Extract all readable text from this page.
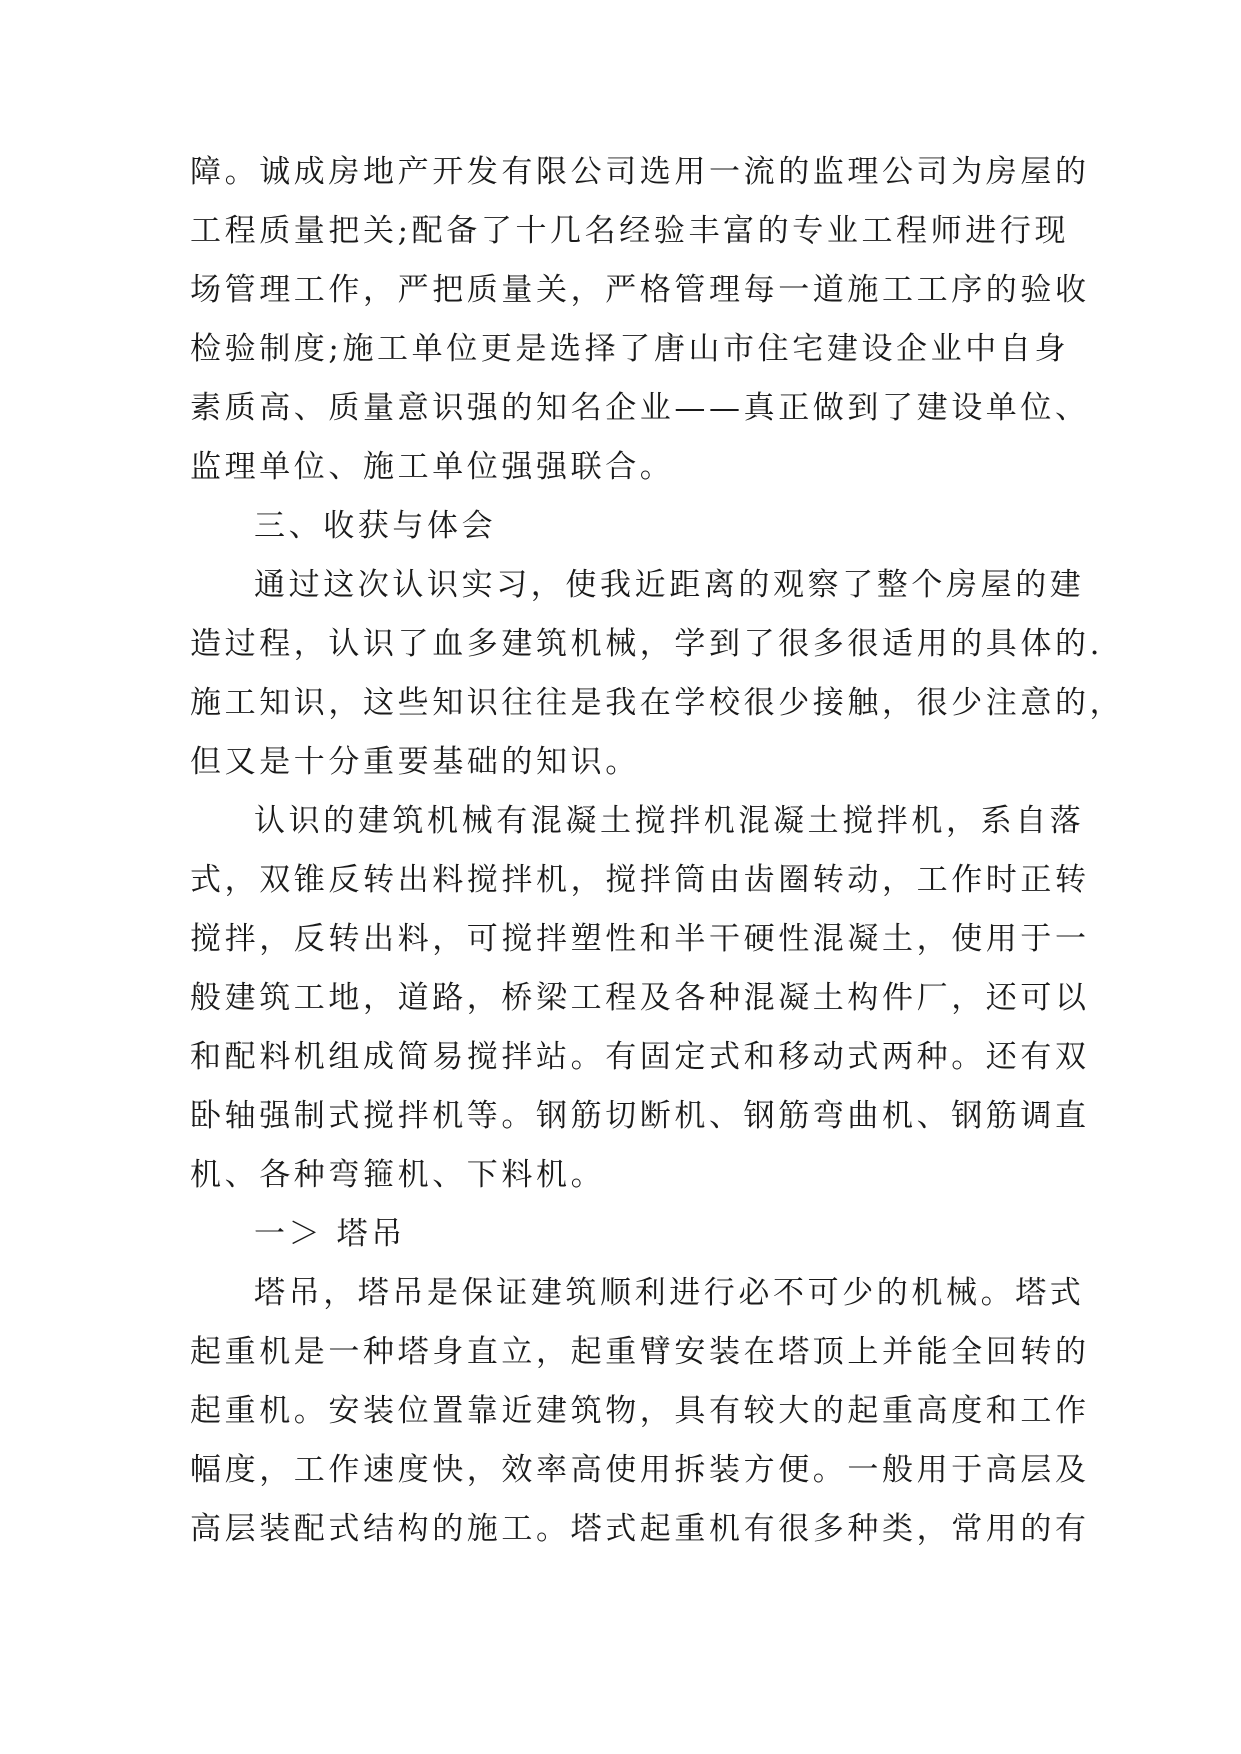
障。诚成房地产开发有限公司选用一流的监理公司为房屋的
工程质量把关;配备了十几名经验丰富的专业工程师进行现
场管理工作，严把质量关，严格管理每一道施工工序的验收
检验制度;施工单位更是选择了唐山市住宅建设企业中自身
素质高、质量意识强的知名企业——真正做到了建设单位、
监理单位、施工单位强强联合。
三、收获与体会
通过这次认识实习，使我近距离的观察了整个房屋的建
造过程，认识了血多建筑机械，学到了很多很适用的具体的.
施工知识，这些知识往往是我在学校很少接触，很少注意的，
但又是十分重要基础的知识。
认识的建筑机械有混凝土搅拌机混凝土搅拌机，系自落
式，双锥反转出料搅拌机，搅拌筒由齿圈转动，工作时正转
搅拌，反转出料，可搅拌塑性和半干硬性混凝土，使用于一
般建筑工地，道路，桥梁工程及各种混凝土构件厂，还可以
和配料机组成简易搅拌站。有固定式和移动式两种。还有双
卧轴强制式搅拌机等。钢筋切断机、钢筋弯曲机、钢筋调直
机、各种弯箍机、下料机。
一＞ 塔吊
塔吊，塔吊是保证建筑顺利进行必不可少的机械。塔式
起重机是一种塔身直立，起重臂安装在塔顶上并能全回转的
起重机。安装位置靠近建筑物，具有较大的起重高度和工作
幅度，工作速度快，效率高使用拆装方便。一般用于高层及
高层装配式结构的施工。塔式起重机有很多种类，常用的有
